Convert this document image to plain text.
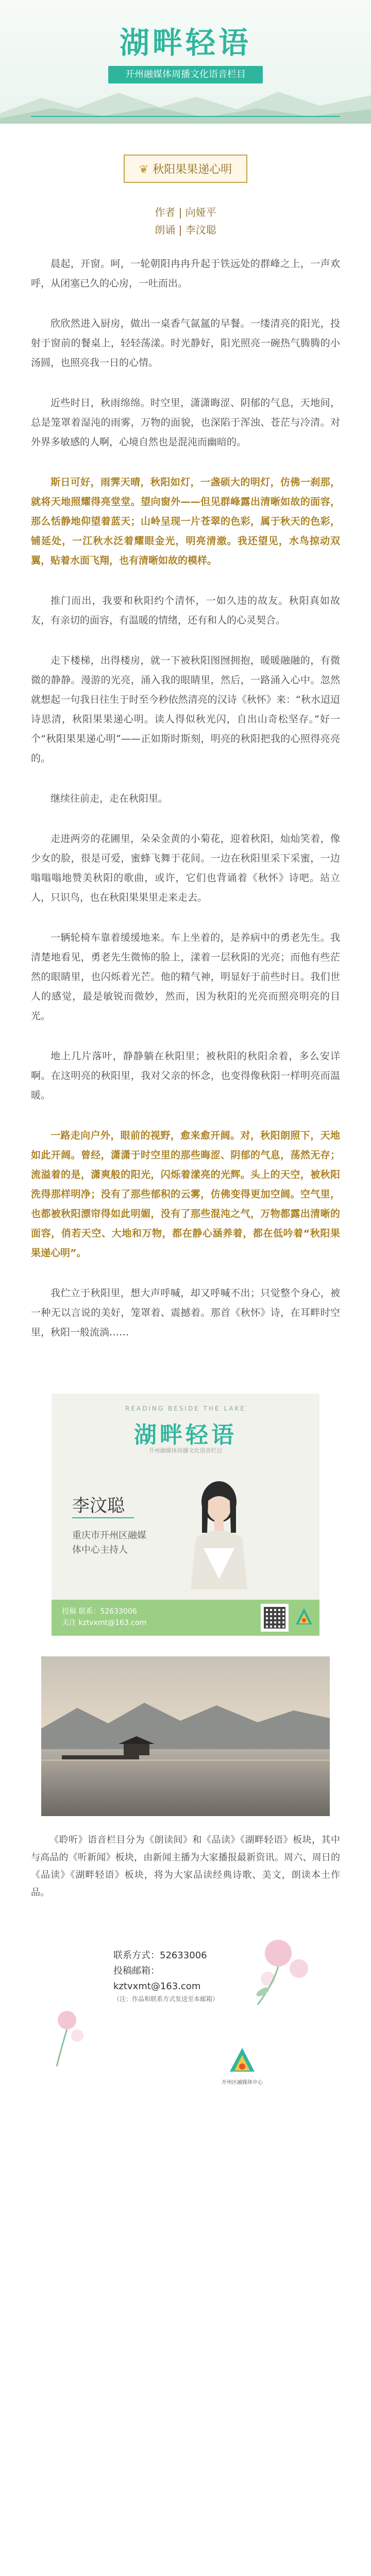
湖畔轻语
开州融媒体周播文化语音栏目
❦ 秋阳果果递心明
作者 | 向娅平
朗诵 | 李汶聪

晨起，开窗。呵，一轮朝阳冉冉升起于铁远处的群峰之上，一声欢呼，从闭塞已久的心房，一吐而出。

欣欣然进入厨房，做出一桌香气氤氲的早餐。一缕清亮的阳光，投射于窗前的餐桌上，轻轻荡漾。时光静好，阳光照亮一碗热气腾腾的小汤圆，也照亮我一日的心情。

近些时日，秋雨绵绵。时空里，潇潇晦涩、阴郁的气息，天地间，总是笼罩着湿沌的雨雾，万物的面貌，也深陷于浑浊、苍茫与冷清。对外界多敏感的人啊，心境自然也是混沌而幽暗的。

斯日可好，雨霁天晴，秋阳如灯，一盏硕大的明灯，仿佛一刹那，就将天地照耀得亮堂堂。望向窗外——但见群峰露出清晰如故的面容，那么恬静地仰望着蓝天；山岭呈现一片苍翠的色彩，属于秋天的色彩，铺延处，一江秋水泛着耀眼金光，明亮清澈。我还望见，水鸟掠动双翼，贴着水面飞翔，也有清晰如故的模样。

推门而出，我要和秋阳约个清怀，一如久违的故友。秋阳真如故友，有亲切的面容，有温暖的情绪，还有和人的心灵契合。

走下楼梯，出得楼房，就一下被秋阳图囫拥抱，暖暖融融的，有微微的静静。漫游的光亮，涌入我的眼睛里，然后，一路涌入心中。忽然就想起一句我日往生于时至今秒依然清亮的汉诗《秋怀》来：“秋水迢迢诗思清，秋阳果果递心明。读人得似秋光闪，自出山奇松坚存。”好一个“秋阳果果递心明”——正如斯时斯刻，明亮的秋阳把我的心照得亮亮的。

继续往前走，走在秋阳里。

走进两旁的花圃里，朵朵金黄的小菊花，迎着秋阳，灿灿笑着，像少女的脸，很是可爱，蜜蜂飞舞于花间。一边在秋阳里采下采蜜，一边嗡嗡嗡地赞美秋阳的歌曲，或许，它们也背诵着《秋怀》诗吧。站立人，只识鸟，也在秋阳果果里走来走去。

一辆轮椅车靠着缓缓地来。车上坐着的，是养病中的勇老先生。我清楚地看见，勇老先生微怖的脸上，漾着一层秋阳的光亮；而他有些茫然的眼睛里，也闪烁着光芒。他的精气神，明显好于前些时日。我们世人的感觉，最是敏锐而微妙，然而，因为秋阳的光亮而照亮明亮的目光。

地上几片落叶，静静躺在秋阳里；被秋阳的秋阳余着，多么安详啊。在这明亮的秋阳里，我对父亲的怀念，也变得像秋阳一样明亮而温暖。

一路走向户外，眼前的视野，愈来愈开阔。对，秋阳朗照下，天地如此开阔。曾经，潇潇于时空里的那些晦涩、阴郁的气息，荡然无存；流溢着的是，潇爽般的阳光，闪烁着漾亮的光辉。头上的天空，被秋阳洗得那样明净；没有了那些郁积的云雾，仿佛变得更加空阔。空气里，也都被秋阳漂帘得如此明媚，没有了那些混沌之气，万物都露出清晰的面容，俏若天空、大地和万物，都在静心涵养着，都在低吟着“秋阳果果递心明”。

我伫立于秋阳里，想大声呼喊，却又呼喊不出；只觉整个身心，被一种无以言说的美好，笼罩着、震撼着。那首《秋怀》诗，在耳畔时空里，秋阳一般流淌……

READING BESIDE THE LAKE
湖畔轻语
开州融媒体周播文化语音栏目
李汶聪
重庆市开州区融媒体中心主持人
投稿 联系：52633006
关注 kztvxmt@163.com
《聆听》语音栏目分为《朗读间》和《品读》《湖畔轻语》板块，其中与高品的《听新闻》板块，由新闻主播为大家播报最新资讯。周六、周日的《品读》《湖畔轻语》板块，将为大家品读经典诗歌、美文，朗读本土作品。
联系方式：52633006
投稿邮箱：
kztvxmt@163.com
（注：作品和联系方式发送至本邮箱）
开州区融媒体中心
